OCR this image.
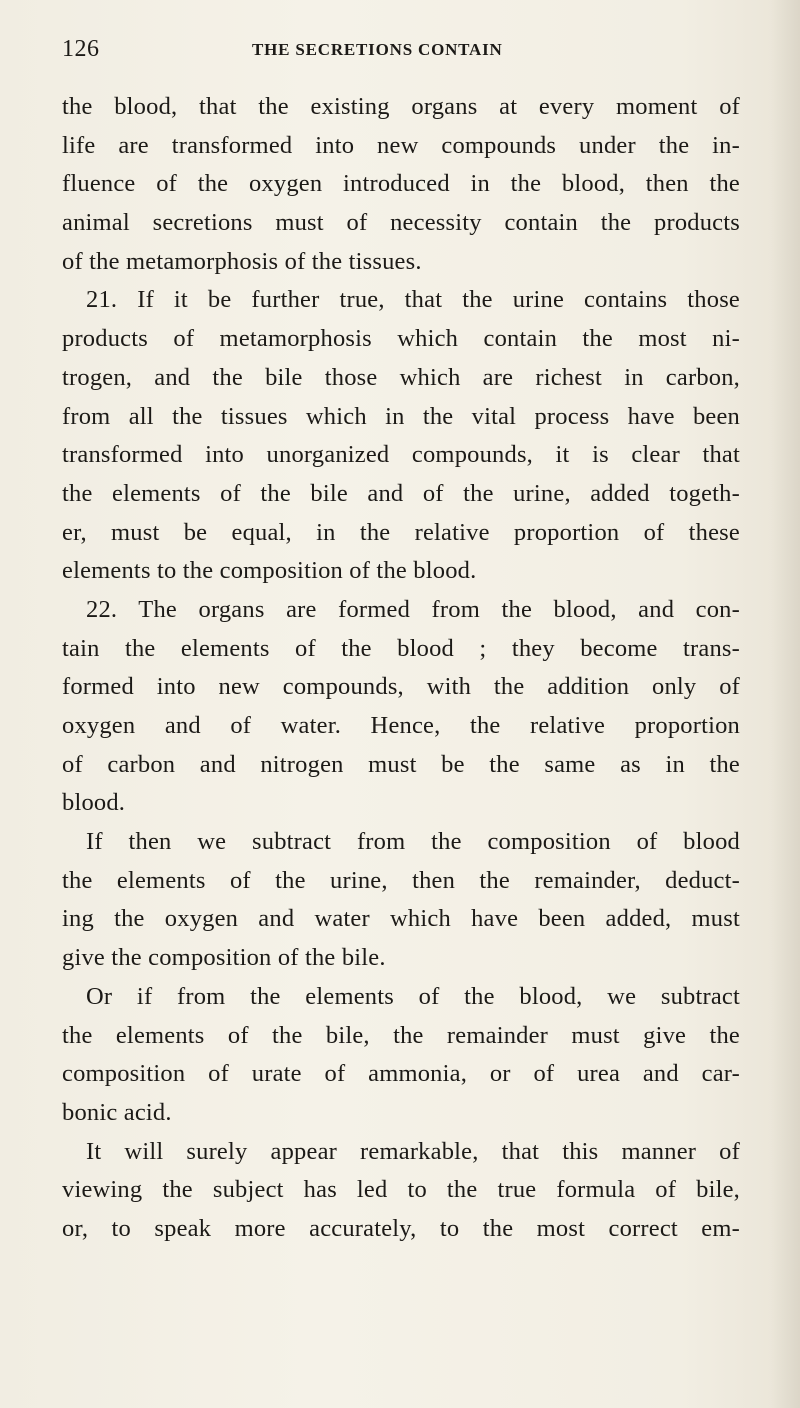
126	THE SECRETIONS CONTAIN
the blood, that the existing organs at every moment of
life are transformed into new compounds under the in-
fluence of the oxygen introduced in the blood, then the
animal secretions must of necessity contain the products
of the metamorphosis of the tissues.
21. If it be further true, that the urine contains those
products of metamorphosis which contain the most ni-
trogen, and the bile those which are richest in carbon,
from all the tissues which in the vital process have been
transformed into unorganized compounds, it is clear that
the elements of the bile and of the urine, added togeth-
er, must be equal, in the relative proportion of these
elements to the composition of the blood.
22. The organs are formed from the blood, and con-
tain the elements of the blood ; they become trans-
formed into new compounds, with the addition only of
oxygen and of water. Hence, the relative proportion
of carbon and nitrogen must be the same as in the
blood.
If then we subtract from the composition of blood
the elements of the urine, then the remainder, deduct-
ing the oxygen and water which have been added, must
give the composition of the bile.
Or if from the elements of the blood, we subtract
the elements of the bile, the remainder must give the
composition of urate of ammonia, or of urea and car-
bonic acid.
It will surely appear remarkable, that this manner of
viewing the subject has led to the true formula of bile,
or, to speak more accurately, to the most correct em-
